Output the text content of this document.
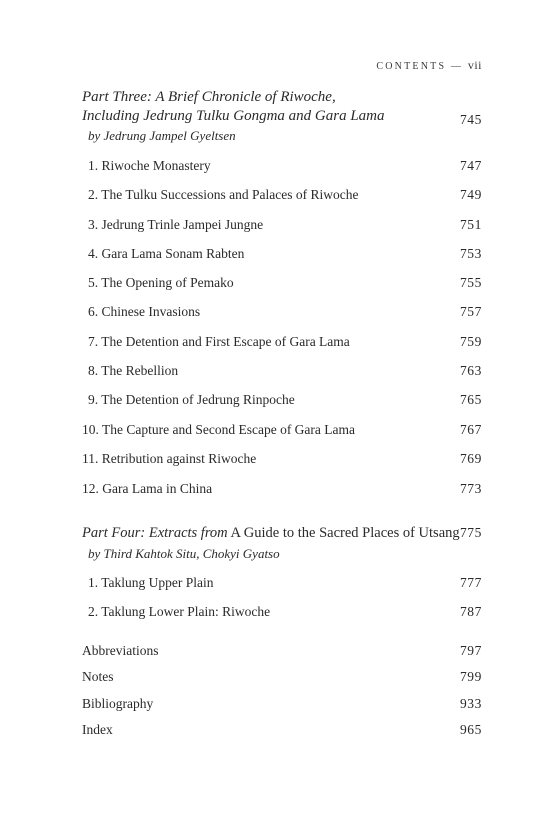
CONTENTS — vii
Part Three: A Brief Chronicle of Riwoche,
Including Jedrung Tulku Gongma and Gara Lama	745
by Jedrung Jampel Gyeltsen
1. Riwoche Monastery	747
2. The Tulku Successions and Palaces of Riwoche	749
3. Jedrung Trinle Jampei Jungne	751
4. Gara Lama Sonam Rabten	753
5. The Opening of Pemako	755
6. Chinese Invasions	757
7. The Detention and First Escape of Gara Lama	759
8. The Rebellion	763
9. The Detention of Jedrung Rinpoche	765
10. The Capture and Second Escape of Gara Lama	767
11. Retribution against Riwoche	769
12. Gara Lama in China	773
Part Four: Extracts from A Guide to the Sacred Places of Utsang 775
by Third Kahtok Situ, Chokyi Gyatso
1. Taklung Upper Plain	777
2. Taklung Lower Plain: Riwoche	787
Abbreviations	797
Notes	799
Bibliography	933
Index	965
